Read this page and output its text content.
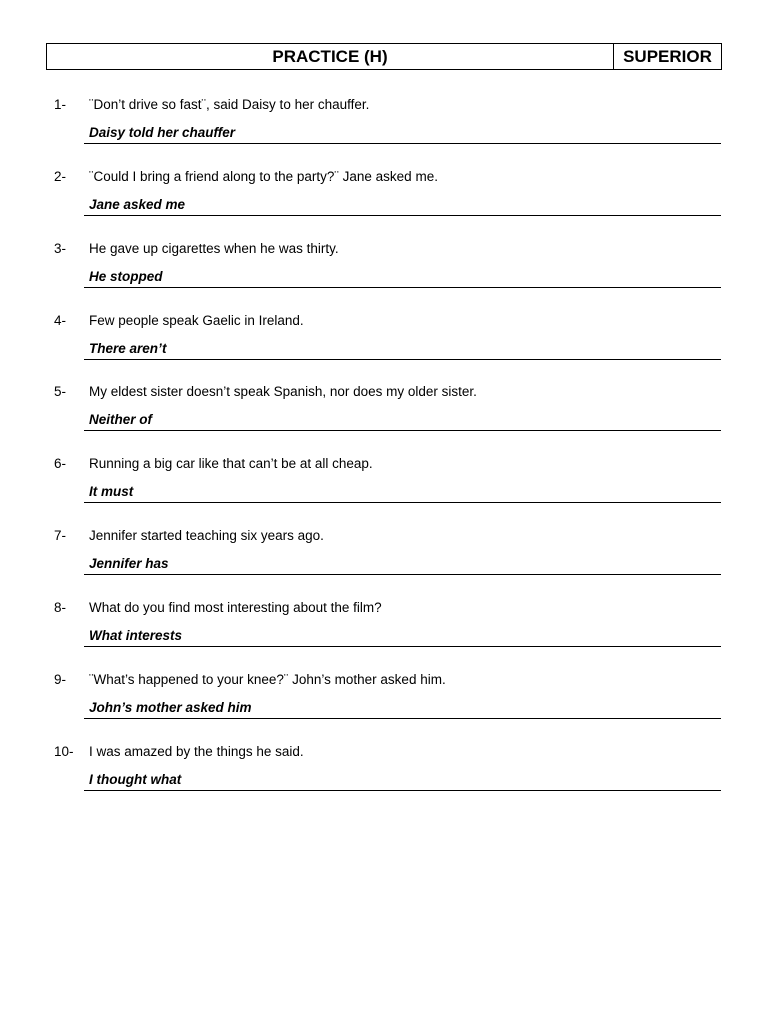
PRACTICE (H)	SUPERIOR
1- ¨Don’t drive so fast¨, said Daisy to her chauffer.
Daisy told her chauffer
2- ¨Could I bring a friend along to the party?¨ Jane asked me.
Jane asked me
3- He gave up cigarettes when he was thirty.
He stopped
4- Few people speak Gaelic in Ireland.
There aren’t
5- My eldest sister doesn’t speak Spanish, nor does my older sister.
Neither of
6- Running a big car like that can’t be at all cheap.
It must
7- Jennifer started teaching six years ago.
Jennifer has
8- What do you find most interesting about the film?
What interests
9- ¨What’s happened to your knee?¨ John’s mother asked him.
John’s mother asked him
10- I was amazed by the things he said.
I thought what
